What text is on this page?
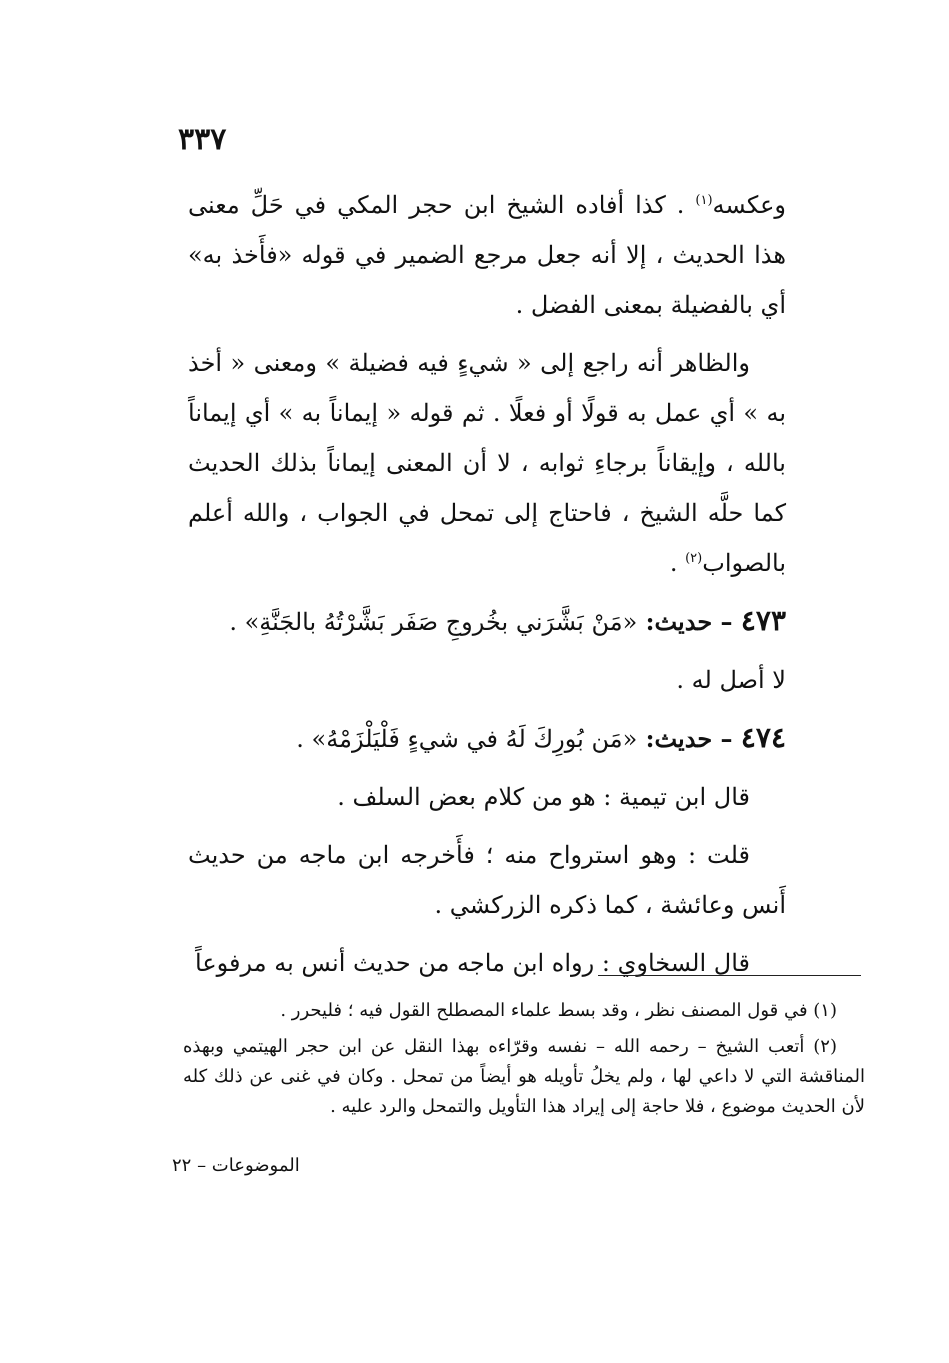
٣٣٧

وعكسه$^{(١)}$ . كذا أفاده الشيخ ابن حجر المكي في حَلِّ معنى هذا الحديث ، إلا أنه جعل مرجع الضمير في قوله «فأَخذ به» أي بالفضيلة بمعنى الفضل .

والظاهر أنه راجع إلى « شيءٍ فيه فضيلة » ومعنى « أخذ به » أي عمل به قولًا أو فعلًا . ثم قوله « إيماناً به » أي إيماناً بالله ، وإيقاناً برجاءِ ثوابه ، لا أن المعنى إيماناً بذلك الحديث كما حلَّه الشيخ ، فاحتاج إلى تمحل في الجواب ، والله أعلم بالصواب$^{(٢)}$ .

٤٧٣ – حديث: «مَنْ بَشَّرَني بخُروجِ صَفَر بَشَّرْتُهُ بالجَنَّةِ» .

لا أصل له .

٤٧٤ – حديث: «مَن بُورِكَ لَهُ في شيءٍ فَلْيَلْزَمْهُ» .

قال ابن تيمية : هو من كلام بعض السلف .

قلت : وهو استرواح منه ؛ فأَخرجه ابن ماجه من حديث أَنس وعائشة ، كما ذكره الزركشي .

قال السخاوي : رواه ابن ماجه من حديث أنس به مرفوعاً

(١) في قول المصنف نظر ، وقد بسط علماء المصطلح القول فيه ؛ فليحرر .

(٢) أتعب الشيخ – رحمه الله – نفسه وقرّاءه بهذا النقل عن ابن حجر الهيتمي وبهذه المناقشة التي لا داعي لها ، ولم يخلُ تأويله هو أيضاً من تمحل . وكان في غنى عن ذلك كله لأن الحديث موضوع ، فلا حاجة إلى إيراد هذا التأويل والتمحل والرد عليه .

الموضوعات – ٢٢
